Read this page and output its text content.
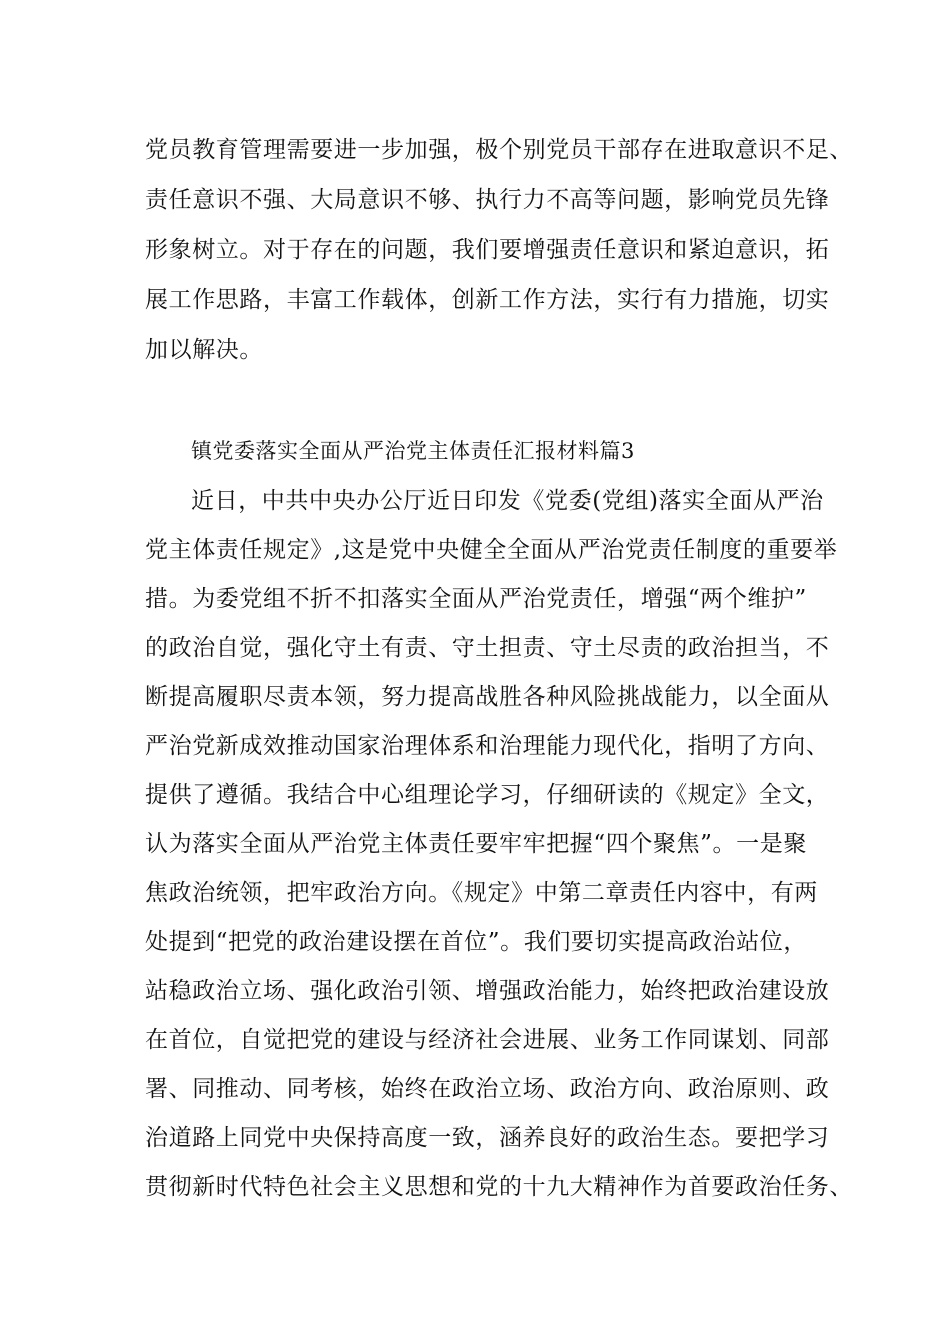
党员教育管理需要进一步加强，极个别党员干部存在进取意识不足、
责任意识不强、大局意识不够、执行力不高等问题，影响党员先锋
形象树立。对于存在的问题，我们要增强责任意识和紧迫意识，拓
展工作思路，丰富工作载体，创新工作方法，实行有力措施，切实
加以解决。
镇党委落实全面从严治党主体责任汇报材料篇3
近日，中共中央办公厅近日印发《党委(党组)落实全面从严治
党主体责任规定》,这是党中央健全全面从严治党责任制度的重要举
措。为委党组不折不扣落实全面从严治党责任，增强“两个维护”
的政治自觉，强化守土有责、守土担责、守土尽责的政治担当，不
断提高履职尽责本领，努力提高战胜各种风险挑战能力，以全面从
严治党新成效推动国家治理体系和治理能力现代化，指明了方向、
提供了遵循。我结合中心组理论学习，仔细研读的《规定》全文，
认为落实全面从严治党主体责任要牢牢把握“四个聚焦”。一是聚
焦政治统领，把牢政治方向。《规定》中第二章责任内容中，有两
处提到“把党的政治建设摆在首位”。我们要切实提高政治站位，
站稳政治立场、强化政治引领、增强政治能力，始终把政治建设放
在首位，自觉把党的建设与经济社会进展、业务工作同谋划、同部
署、同推动、同考核，始终在政治立场、政治方向、政治原则、政
治道路上同党中央保持高度一致，涵养良好的政治生态。要把学习
贯彻新时代特色社会主义思想和党的十九大精神作为首要政治任务、
